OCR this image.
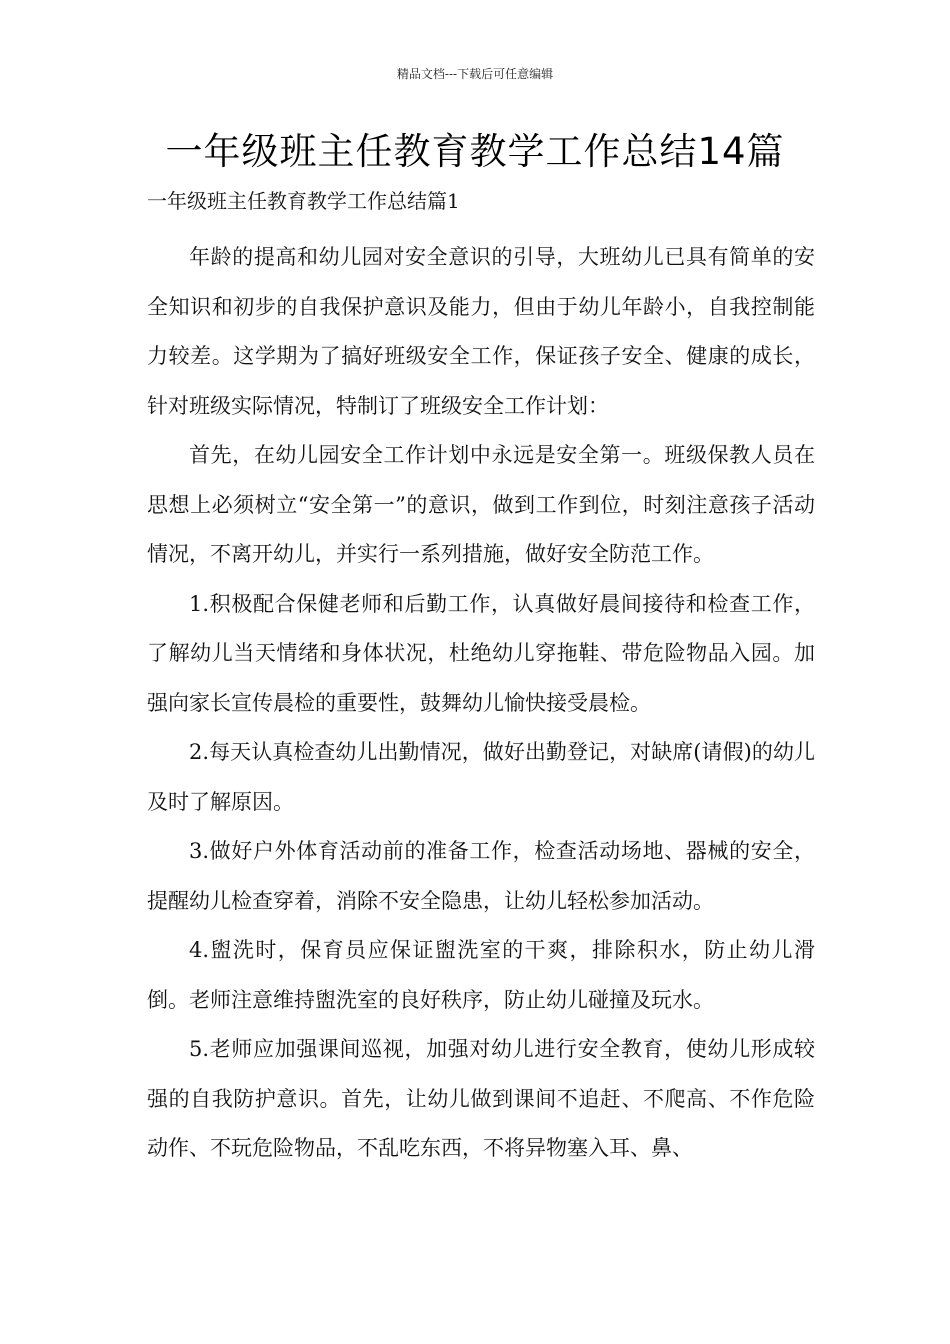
精品文档---下载后可任意编辑
一年级班主任教育教学工作总结14篇
一年级班主任教育教学工作总结篇1

年龄的提高和幼儿园对安全意识的引导，大班幼儿已具有简单的安全知识和初步的自我保护意识及能力，但由于幼儿年龄小，自我控制能力较差。这学期为了搞好班级安全工作，保证孩子安全、健康的成长，针对班级实际情况，特制订了班级安全工作计划：

首先，在幼儿园安全工作计划中永远是安全第一。班级保教人员在思想上必须树立“安全第一”的意识，做到工作到位，时刻注意孩子活动情况，不离开幼儿，并实行一系列措施，做好安全防范工作。

1.积极配合保健老师和后勤工作，认真做好晨间接待和检查工作，了解幼儿当天情绪和身体状况，杜绝幼儿穿拖鞋、带危险物品入园。加强向家长宣传晨检的重要性，鼓舞幼儿愉快接受晨检。

2.每天认真检查幼儿出勤情况，做好出勤登记，对缺席(请假)的幼儿及时了解原因。

3.做好户外体育活动前的准备工作，检查活动场地、器械的安全，提醒幼儿检查穿着，消除不安全隐患，让幼儿轻松参加活动。

4.盥洗时，保育员应保证盥洗室的干爽，排除积水，防止幼儿滑倒。老师注意维持盥洗室的良好秩序，防止幼儿碰撞及玩水。

5.老师应加强课间巡视，加强对幼儿进行安全教育，使幼儿形成较强的自我防护意识。首先，让幼儿做到课间不追赶、不爬高、不作危险动作、不玩危险物品，不乱吃东西，不将异物塞入耳、鼻、
